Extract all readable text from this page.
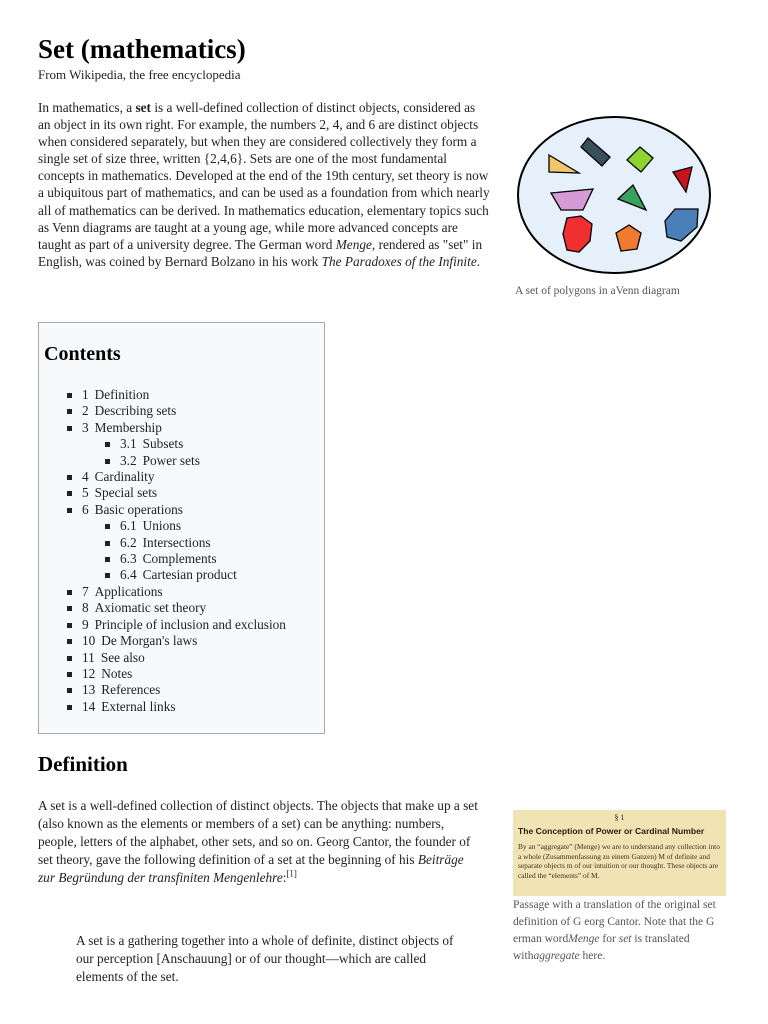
Set (mathematics)
From Wikipedia, the free encyclopedia

In mathematics, a set is a well-defined collection of distinct objects, considered as an object in its own right. For example, the numbers 2, 4, and 6 are distinct objects when considered separately, but when they are considered collectively they form a single set of size three, written {2,4,6}. Sets are one of the most fundamental concepts in mathematics. Developed at the end of the 19th century, set theory is now a ubiquitous part of mathematics, and can be used as a foundation from which nearly all of mathematics can be derived. In mathematics education, elementary topics such as Venn diagrams are taught at a young age, while more advanced concepts are taught as part of a university degree. The German word Menge, rendered as "set" in English, was coined by Bernard Bolzano in his work The Paradoxes of the Infinite.

A set of polygons in aVenn diagram
Contents
1 Definition
2 Describing sets
3 Membership
3.1 Subsets
3.2 Power sets
4 Cardinality
5 Special sets
6 Basic operations
6.1 Unions
6.2 Intersections
6.3 Complements
6.4 Cartesian product
7 Applications
8 Axiomatic set theory
9 Principle of inclusion and exclusion
10 De Morgan's laws
11 See also
12 Notes
13 References
14 External links
Definition

A set is a well-defined collection of distinct objects. The objects that make up a set (also known as the elements or members of a set) can be anything: numbers, people, letters of the alphabet, other sets, and so on. Georg Cantor, the founder of set theory, gave the following definition of a set at the beginning of his Beiträge zur Begründung der transfiniten Mengenlehre:[1]

A set is a gathering together into a whole of definite, distinct objects of our perception [Anschauung] or of our thought—which are called elements of the set.

§ 1
The Conception of Power or Cardinal Number
By an “aggregate” (Menge) we are to understand any collection into a whole (Zusammenfassung zu einem Ganzen) M of definite and separate objects m of our intuition or our thought. These objects are called the “elements” of M.
Passage with a translation of the original set definition of G eorg Cantor. Note that the G erman wordMenge for set is translated withaggregate here.
